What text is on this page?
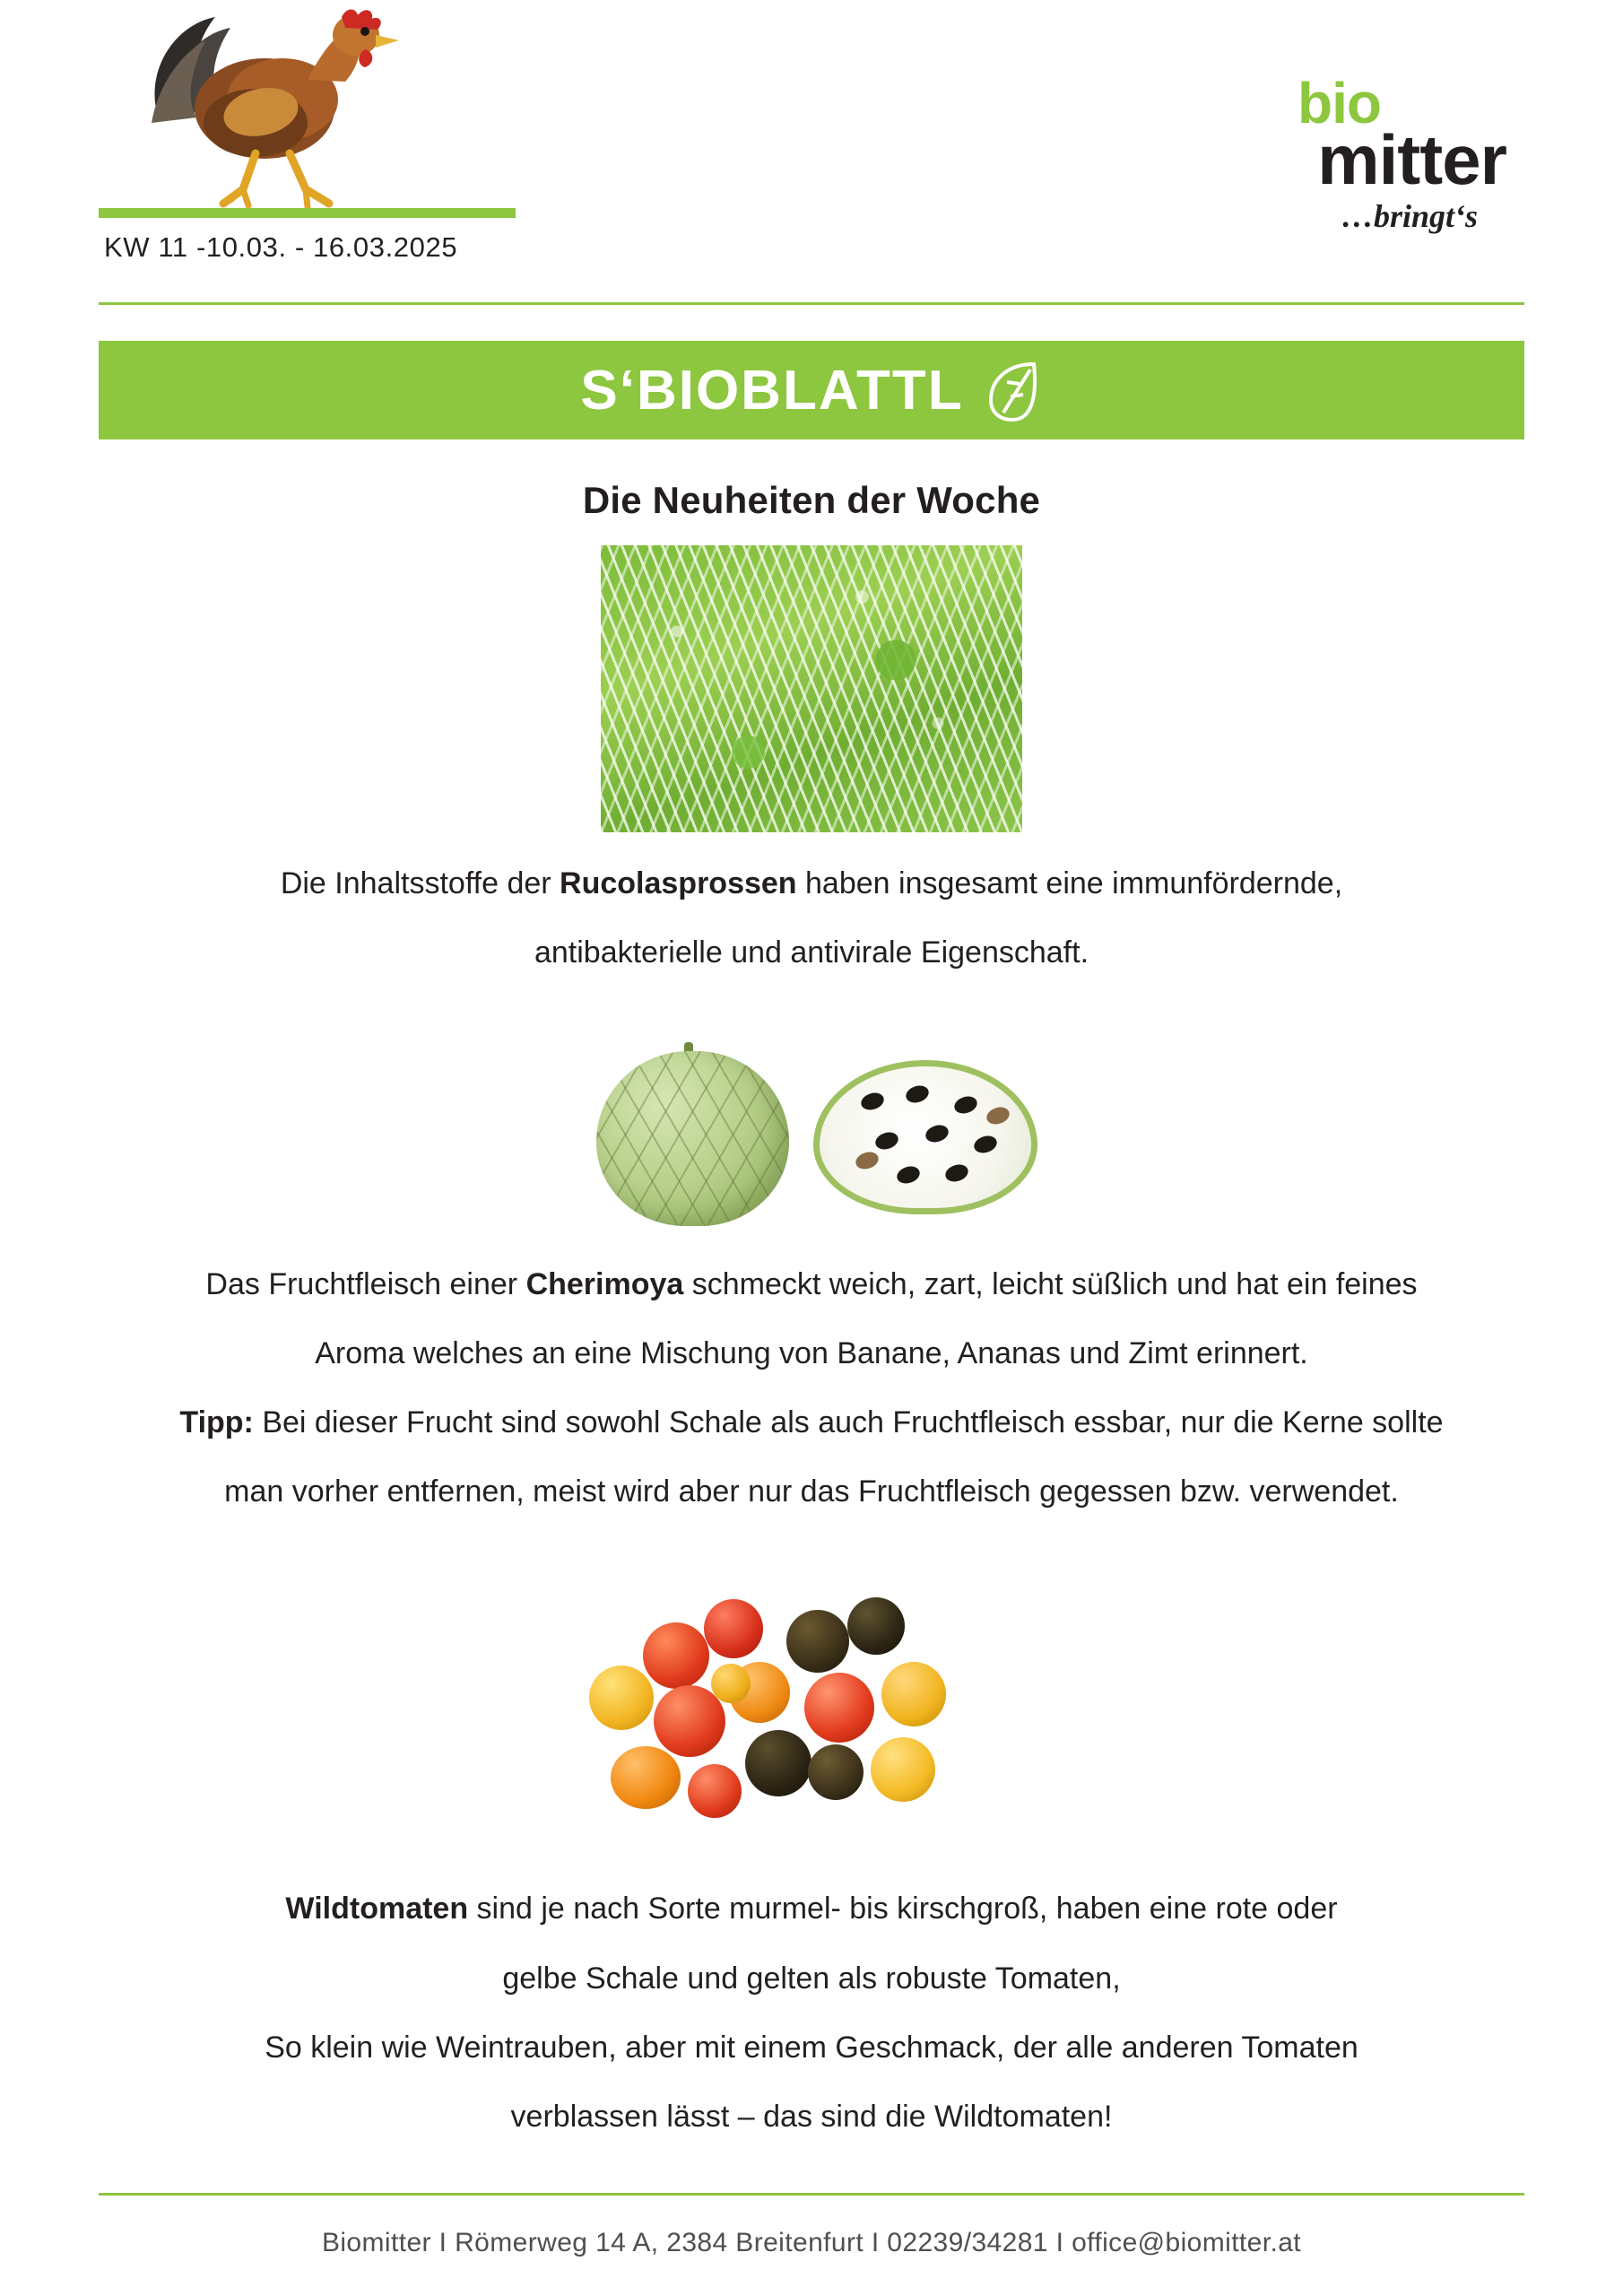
KW 11 -10.03. - 16.03.2025
bio
mitter
…bringt‘s
S‘BIOBLATTL
Die Neuheiten der Woche
Die Inhaltsstoffe der Rucolasprossen haben insgesamt eine immunfördernde,
antibakterielle und antivirale Eigenschaft.
Das Fruchtfleisch einer Cherimoya schmeckt weich, zart, leicht süßlich und hat ein feines
Aroma welches an eine Mischung von Banane, Ananas und Zimt erinnert.
Tipp: Bei dieser Frucht sind sowohl Schale als auch Fruchtfleisch essbar, nur die Kerne sollte
man vorher entfernen, meist wird aber nur das Fruchtfleisch gegessen bzw. verwendet.
Wildtomaten sind je nach Sorte murmel- bis kirschgroß, haben eine rote oder
gelbe Schale und gelten als robuste Tomaten,
So klein wie Weintrauben, aber mit einem Geschmack, der alle anderen Tomaten
verblassen lässt – das sind die Wildtomaten!
Biomitter I Römerweg 14 A, 2384 Breitenfurt I 02239/34281 I office@biomitter.at
